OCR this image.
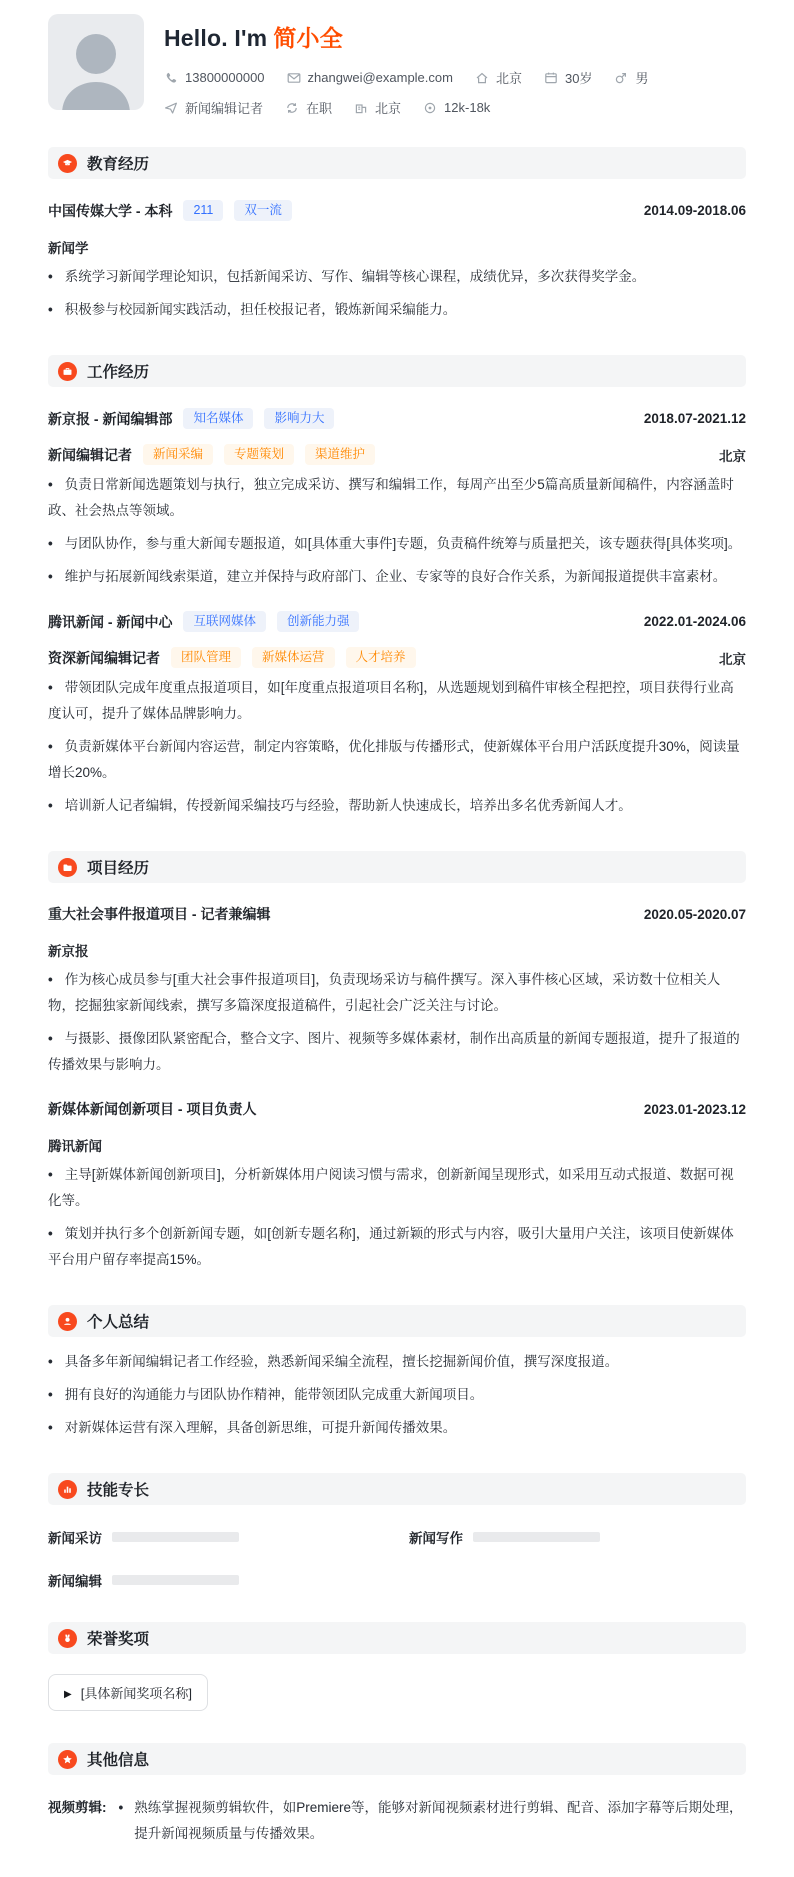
Hello. I'm 简小全
13800000000	zhangwei@example.com	北京	30岁	男
新闻编辑记者	在职	北京	12k-18k
教育经历
中国传媒大学 - 本科	211	双一流	2014.09-2018.06
新闻学
• 系统学习新闻学理论知识，包括新闻采访、写作、编辑等核心课程，成绩优异，多次获得奖学金。
• 积极参与校园新闻实践活动，担任校报记者，锻炼新闻采编能力。
工作经历
新京报 - 新闻编辑部	知名媒体	影响力大	2018.07-2021.12
新闻编辑记者	新闻采编	专题策划	渠道维护	北京
• 负责日常新闻选题策划与执行，独立完成采访、撰写和编辑工作，每周产出至少5篇高质量新闻稿件，内容涵盖时政、社会热点等领域。
• 与团队协作，参与重大新闻专题报道，如[具体重大事件]专题，负责稿件统筹与质量把关，该专题获得[具体奖项]。
• 维护与拓展新闻线索渠道，建立并保持与政府部门、企业、专家等的良好合作关系，为新闻报道提供丰富素材。
腾讯新闻 - 新闻中心	互联网媒体	创新能力强	2022.01-2024.06
资深新闻编辑记者	团队管理	新媒体运营	人才培养	北京
• 带领团队完成年度重点报道项目，如[年度重点报道项目名称]，从选题规划到稿件审核全程把控，项目获得行业高度认可，提升了媒体品牌影响力。
• 负责新媒体平台新闻内容运营，制定内容策略，优化排版与传播形式，使新媒体平台用户活跃度提升30%，阅读量增长20%。
• 培训新人记者编辑，传授新闻采编技巧与经验，帮助新人快速成长，培养出多名优秀新闻人才。
项目经历
重大社会事件报道项目 - 记者兼编辑	2020.05-2020.07
新京报
• 作为核心成员参与[重大社会事件报道项目]，负责现场采访与稿件撰写。深入事件核心区域，采访数十位相关人物，挖掘独家新闻线索，撰写多篇深度报道稿件，引起社会广泛关注与讨论。
• 与摄影、摄像团队紧密配合，整合文字、图片、视频等多媒体素材，制作出高质量的新闻专题报道，提升了报道的传播效果与影响力。
新媒体新闻创新项目 - 项目负责人	2023.01-2023.12
腾讯新闻
• 主导[新媒体新闻创新项目]，分析新媒体用户阅读习惯与需求，创新新闻呈现形式，如采用互动式报道、数据可视化等。
• 策划并执行多个创新新闻专题，如[创新专题名称]，通过新颖的形式与内容，吸引大量用户关注，该项目使新媒体平台用户留存率提高15%。
个人总结
• 具备多年新闻编辑记者工作经验，熟悉新闻采编全流程，擅长挖掘新闻价值，撰写深度报道。
• 拥有良好的沟通能力与团队协作精神，能带领团队完成重大新闻项目。
• 对新媒体运营有深入理解，具备创新思维，可提升新闻传播效果。
技能专长
新闻采访	新闻写作
新闻编辑
荣誉奖项
▶
[具体新闻奖项名称]
其他信息
视频剪辑: • 熟练掌握视频剪辑软件，如Premiere等，能够对新闻视频素材进行剪辑、配音、添加字幕等后期处理，提升新闻视频质量与传播效果。
